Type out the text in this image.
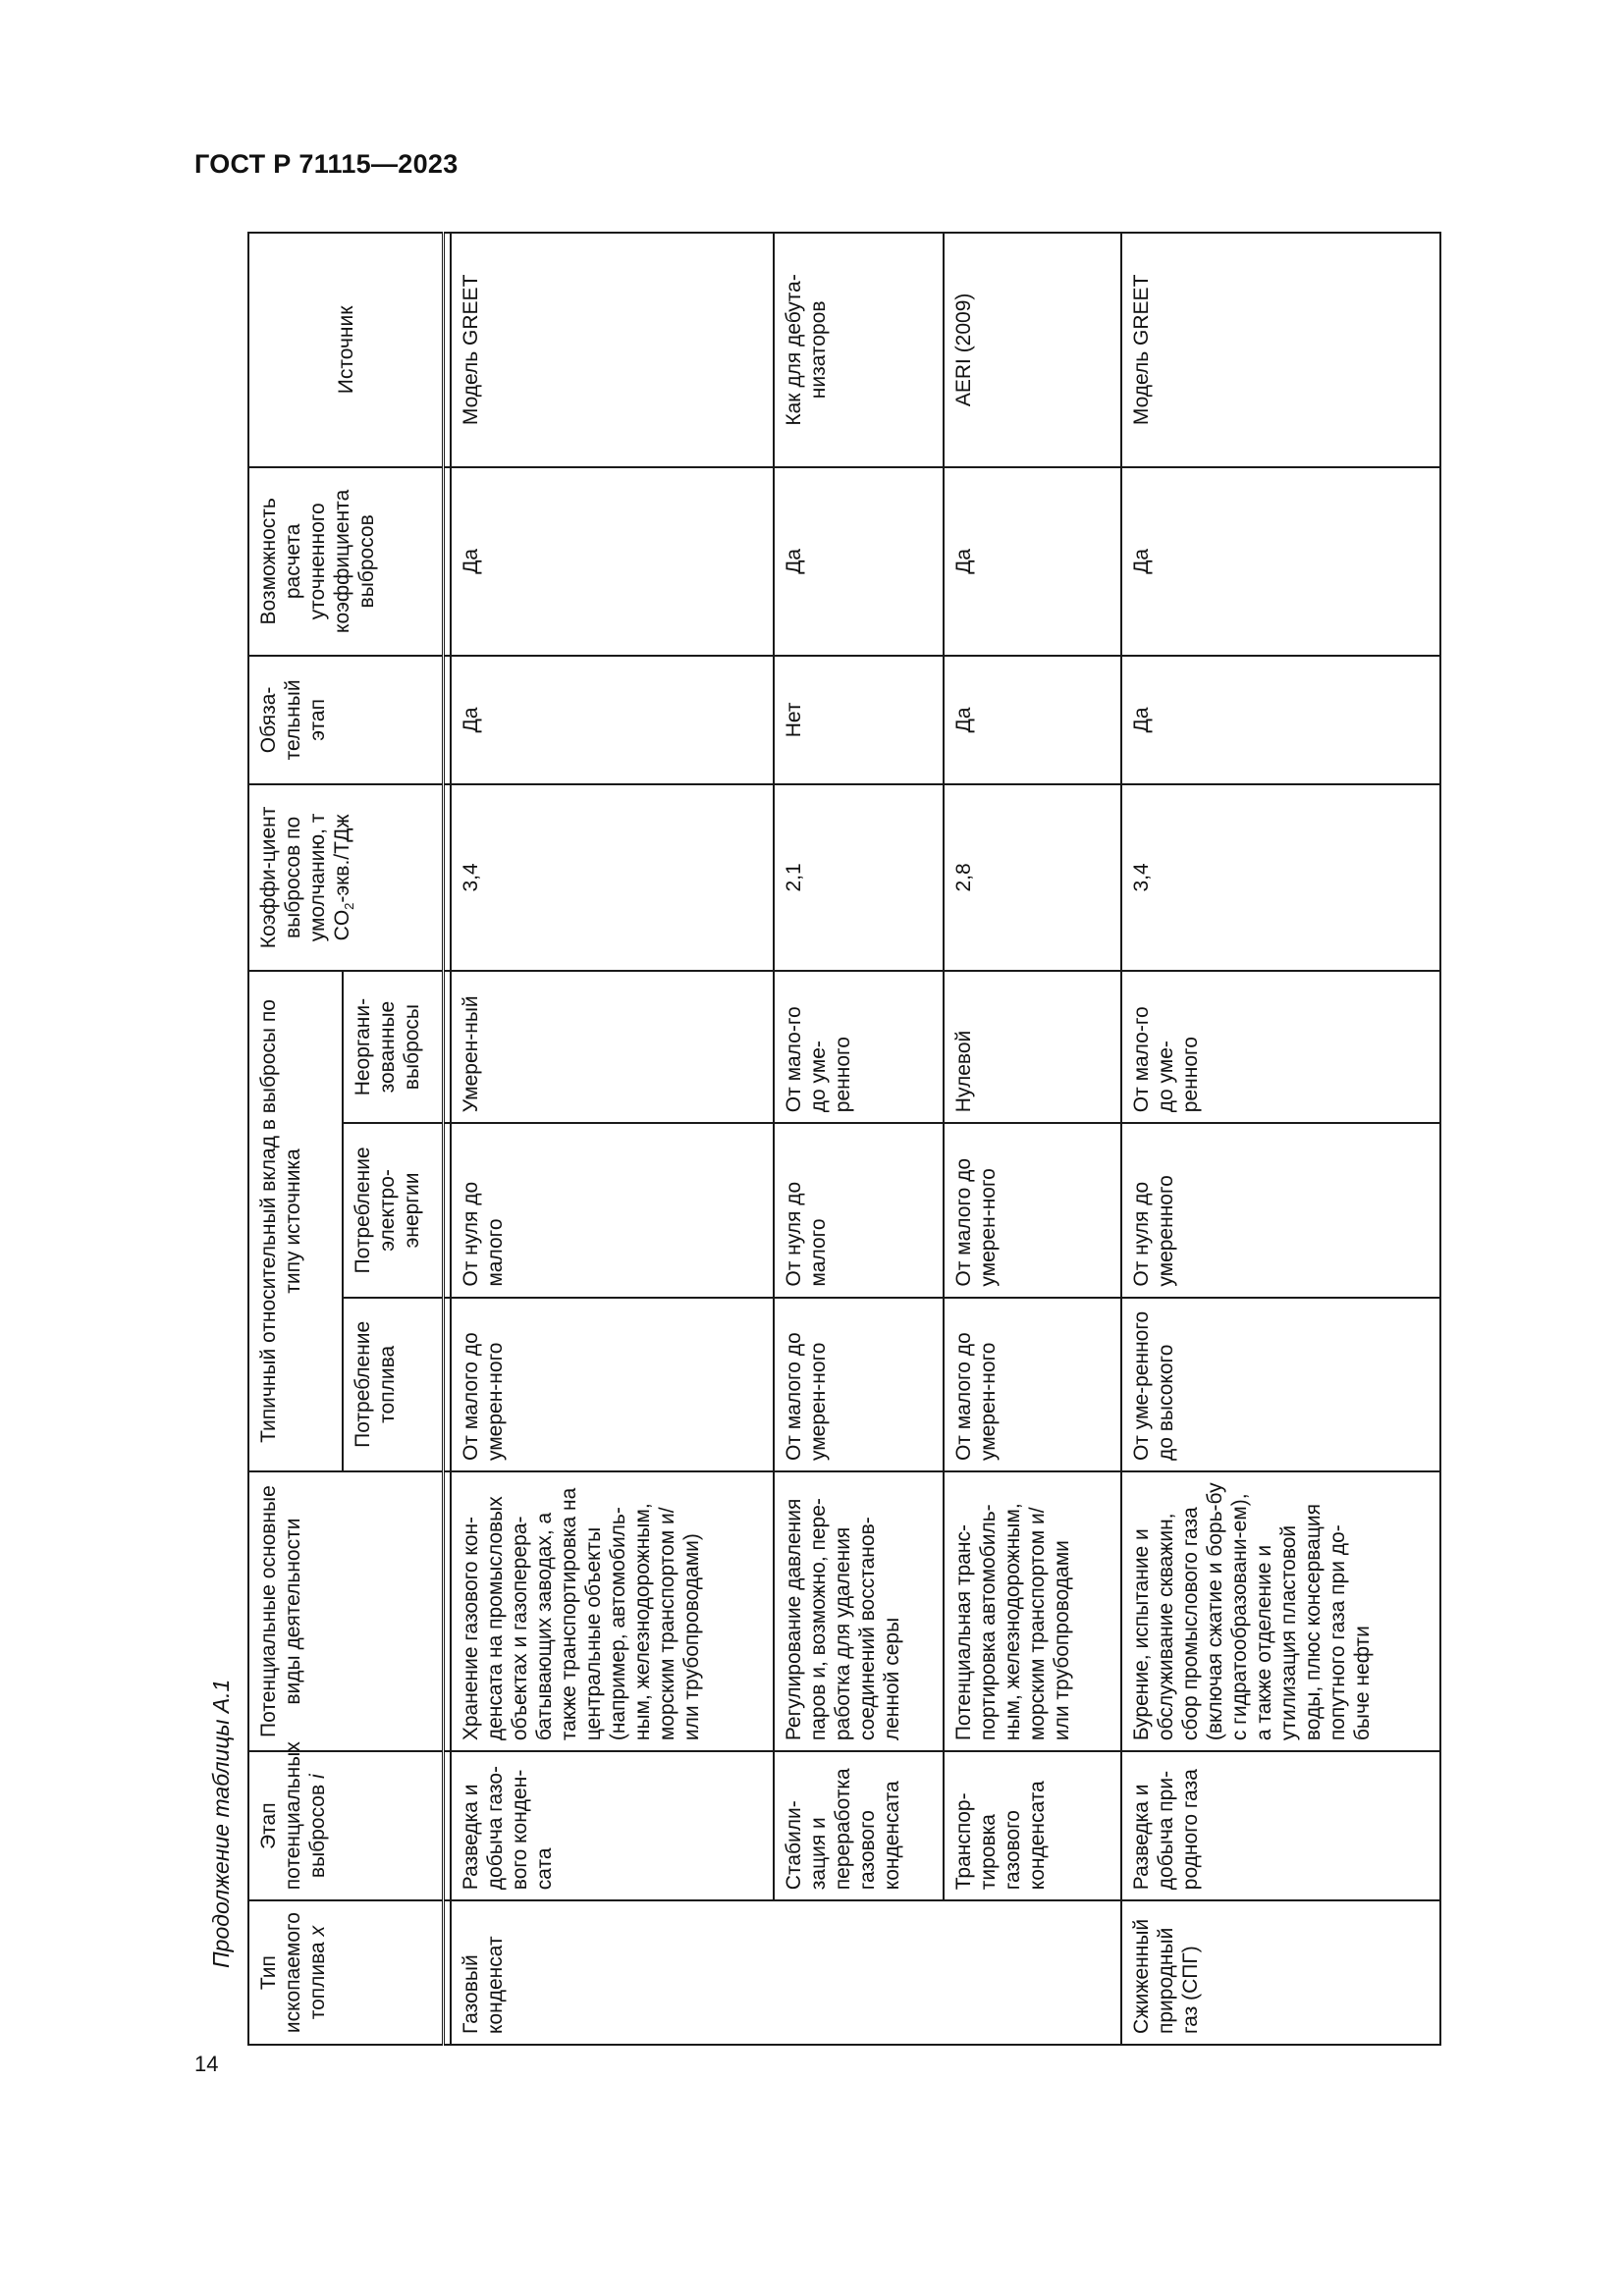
ГОСТ Р 71115—2023
Продолжение таблицы А.1
14
Тип
ископаемого
топлива x	Этап
потенциальных
выбросов i	Потенциальные основные виды деятельности	Типичный относительный вклад в выбросы по типу источника			Коэффи-циент выбросов по умолчанию, т $CO_2-экв$./ТДж	Обяза-тельный этап	Возможность расчета уточненного коэффициента выбросов	Источник
			Потребление топлива	Потребление электро-энергии	Неоргани-зованные выбросы				

Газовый конденсат	Разведка и добыча газо-вого конден-сата	Хранение газового кон-денсата на промысловых объектах и газоперера-батывающих заводах, а также транспортировка на центральные объекты (например, автомобиль-ным, железнодорожным, морским транспортом и/или трубопроводами)	От малого до умерен-ного	От нуля до малого	Умерен-ный	3,4	Да	Да	Модель GREET
	Стабили-зация и переработка газового конденсата	Регулирование давления паров и, возможно, пере-работка для удаления соединений восстанов-ленной серы	От малого до умерен-ного	От нуля до малого	От мало-го до уме-ренного	2,1	Нет	Да	Как для дебута-низаторов
	Транспор-тировка газового конденсата	Потенциальная транс-портировка автомобиль-ным, железнодорожным, морским транспортом и/или трубопроводами	От малого до умерен-ного	От малого до умерен-ного	Нулевой	2,8	Да	Да	AERI (2009)
Сжиженный природный газ (СПГ)	Разведка и добыча при-родного газа	Бурение, испытание и обслуживание скважин, сбор промыслового газа (включая сжатие и борь-бу с гидратообразовани-ем), а также отделение и утилизация пластовой воды, плюс консервация попутного газа при до-быче нефти	От уме-ренного до высокого	От нуля до умеренного	От мало-го до уме-ренного	3,4	Да	Да	Модель GREET
